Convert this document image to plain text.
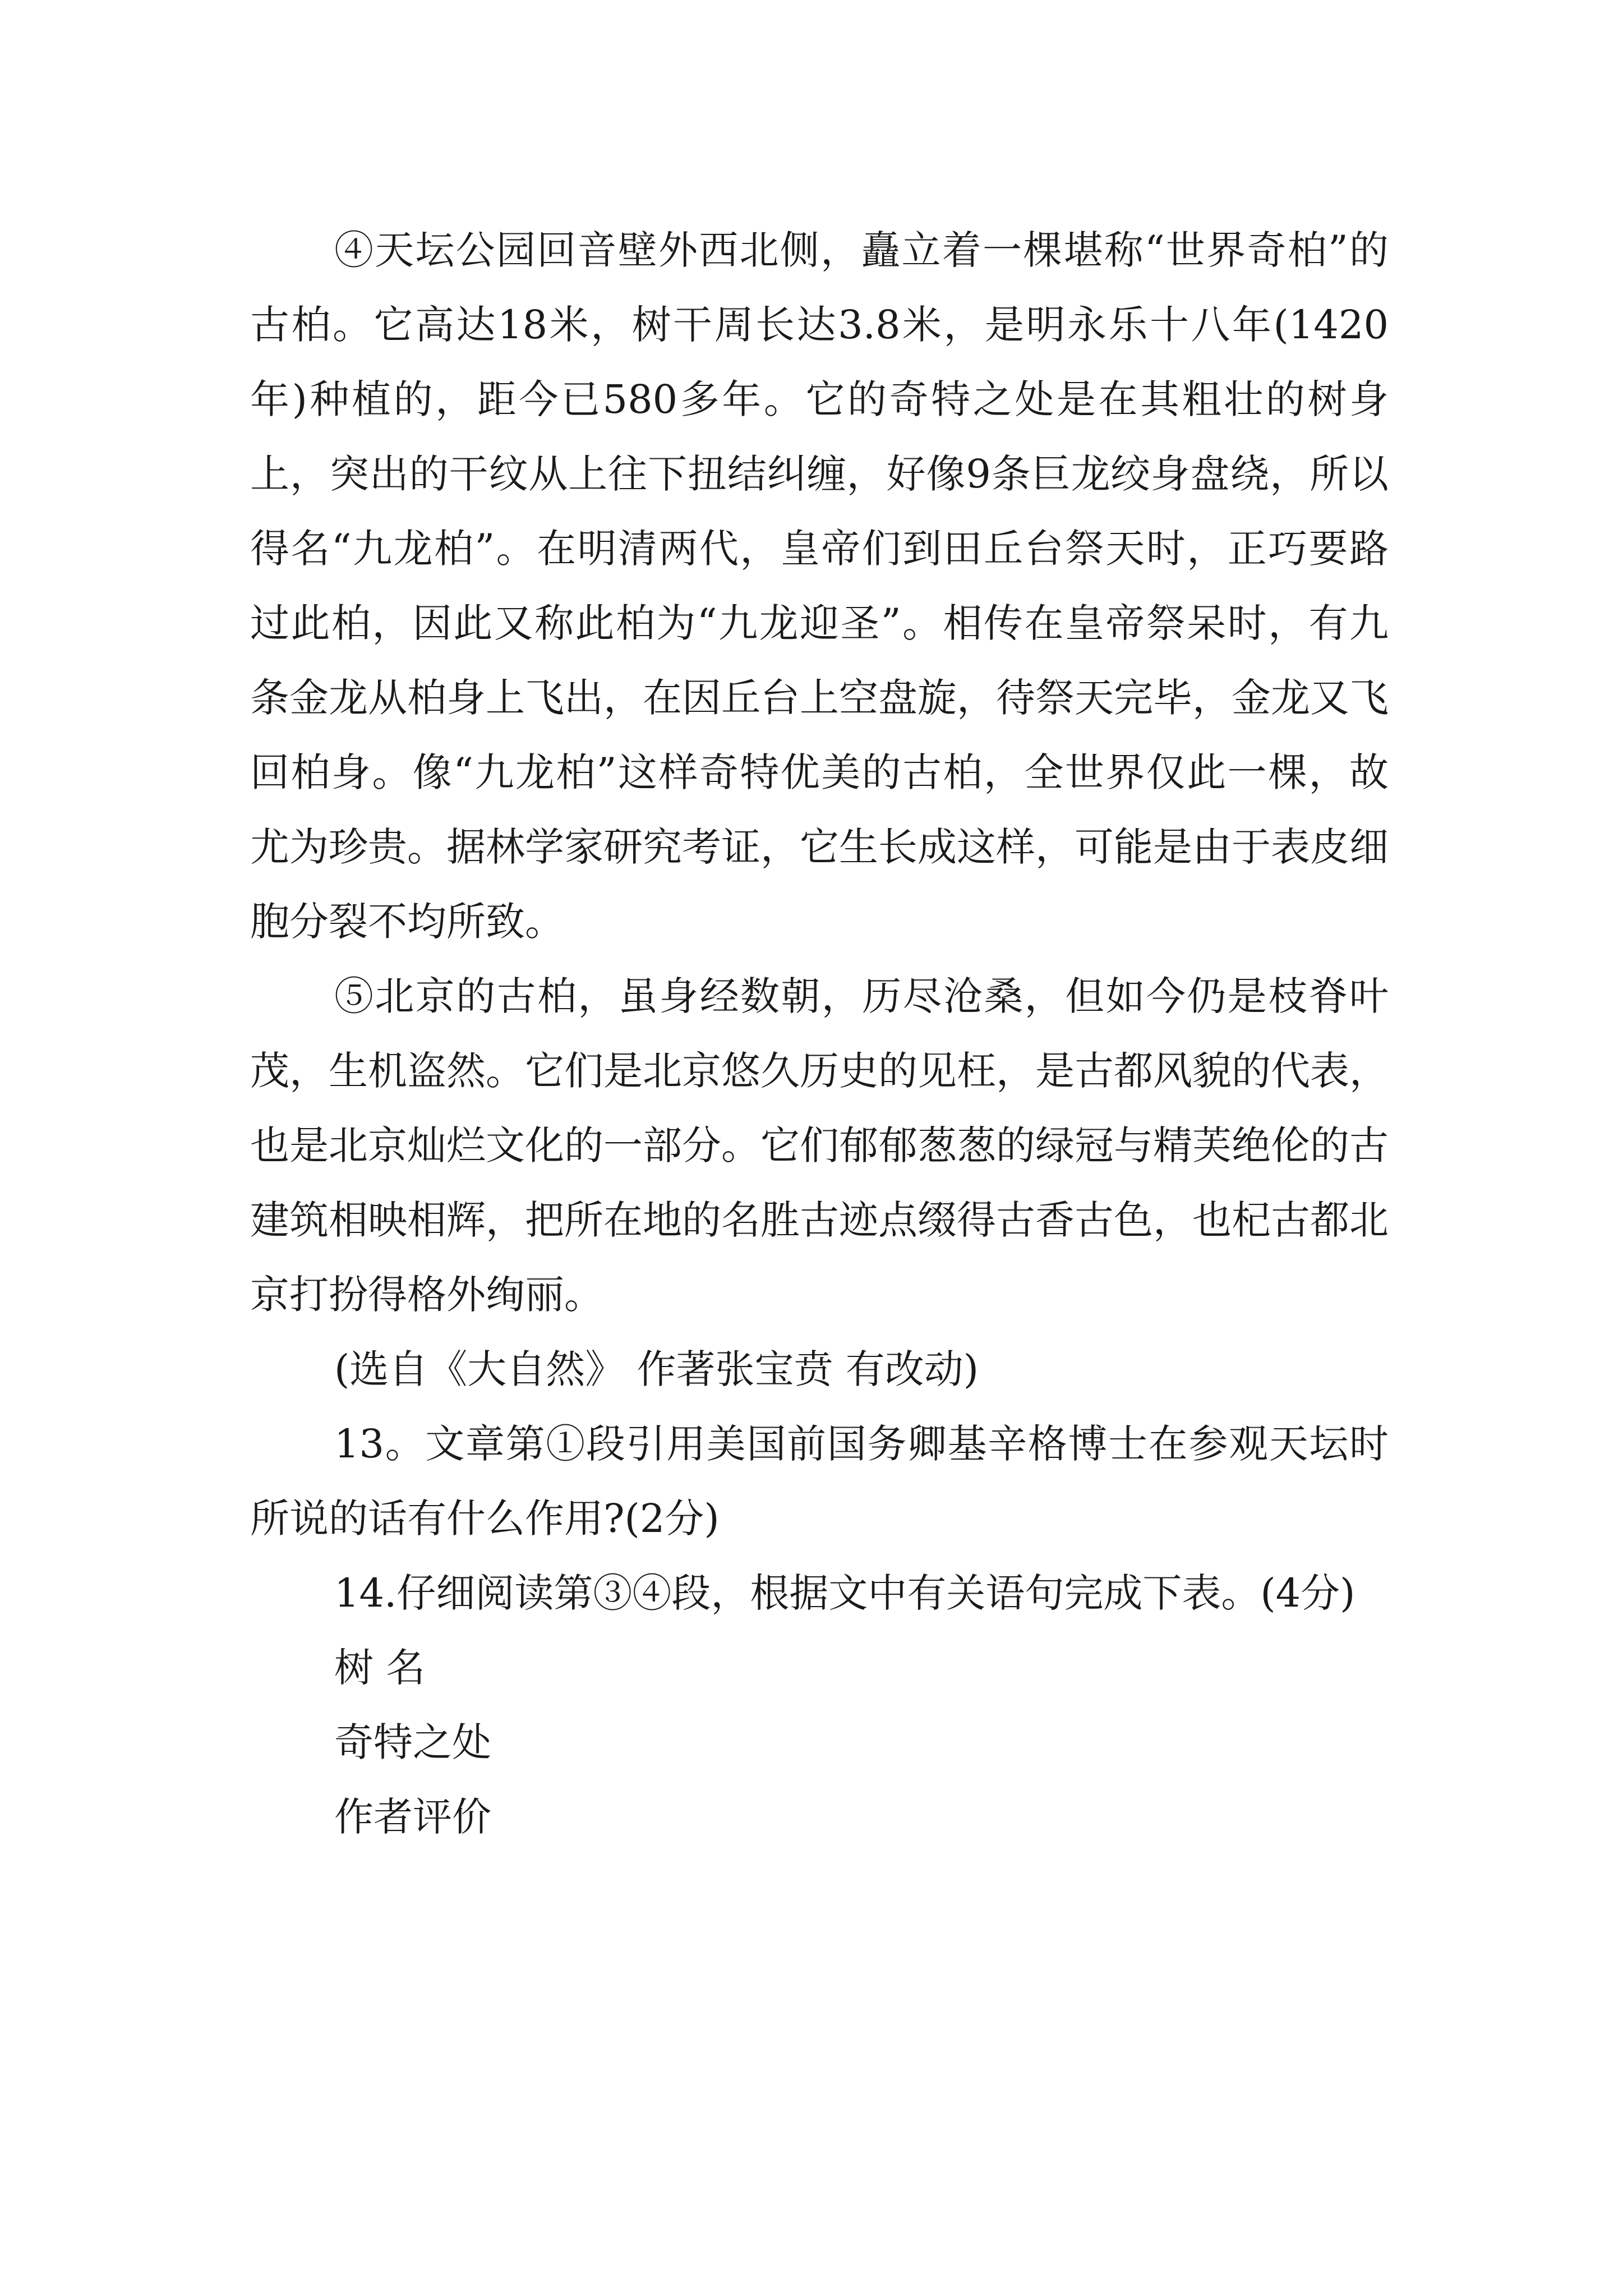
④天坛公园回音壁外西北侧，矗立着一棵堪称“世界奇柏”的古柏。它高达18米，树干周长达3.8米，是明永乐十八年(1420年)种植的，距今已580多年。它的奇特之处是在其粗壮的树身上，突出的干纹从上往下扭结纠缠，好像9条巨龙绞身盘绕，所以得名“九龙柏”。在明清两代，皇帝们到田丘台祭天时，正巧要路过此柏，因此又称此柏为“九龙迎圣”。相传在皇帝祭呆时，有九条金龙从柏身上飞出，在因丘台上空盘旋，待祭天完毕，金龙又飞回柏身。像“九龙柏”这样奇特优美的古柏，全世界仅此一棵，故尤为珍贵。据林学家研究考证，它生长成这样，可能是由于表皮细胞分裂不均所致。

⑤北京的古柏，虽身经数朝，历尽沧桑，但如今仍是枝脊叶茂，生机盗然。它们是北京悠久历史的见枉，是古都风貌的代表，也是北京灿烂文化的一部分。它们郁郁葱葱的绿冠与精芙绝伦的古建筑相映相辉，把所在地的名胜古迹点缀得古香古色，也杞古都北京打扮得格外绚丽。

(选自《大自然》 作著张宝贲 有改动)

13。文章第①段引用美国前国务卿基辛格博士在参观天坛时所说的话有什么作用?(2分)

14.仔细阅读第③④段，根据文中有关语句完成下表。(4分)

树 名

奇特之处

作者评价
